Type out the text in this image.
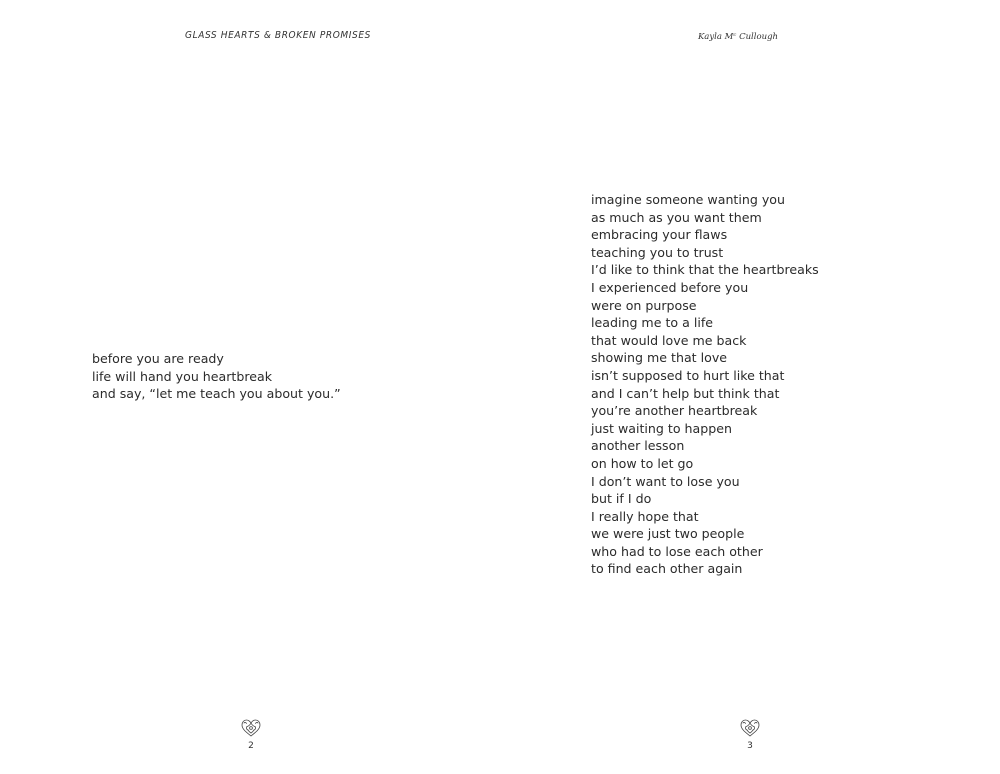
GLASS HEARTS & BROKEN PROMISES
before you are ready
life will hand you heartbreak
and say, “let me teach you about you.”
2
Kayla Mᶜ Cullough
imagine someone wanting you
as much as you want them
embracing your flaws
teaching you to trust
I’d like to think that the heartbreaks
I experienced before you
were on purpose
leading me to a life
that would love me back
showing me that love
isn’t supposed to hurt like that
and I can’t help but think that
you’re another heartbreak
just waiting to happen
another lesson
on how to let go
I don’t want to lose you
but if I do
I really hope that
we were just two people
who had to lose each other
to find each other again
3
